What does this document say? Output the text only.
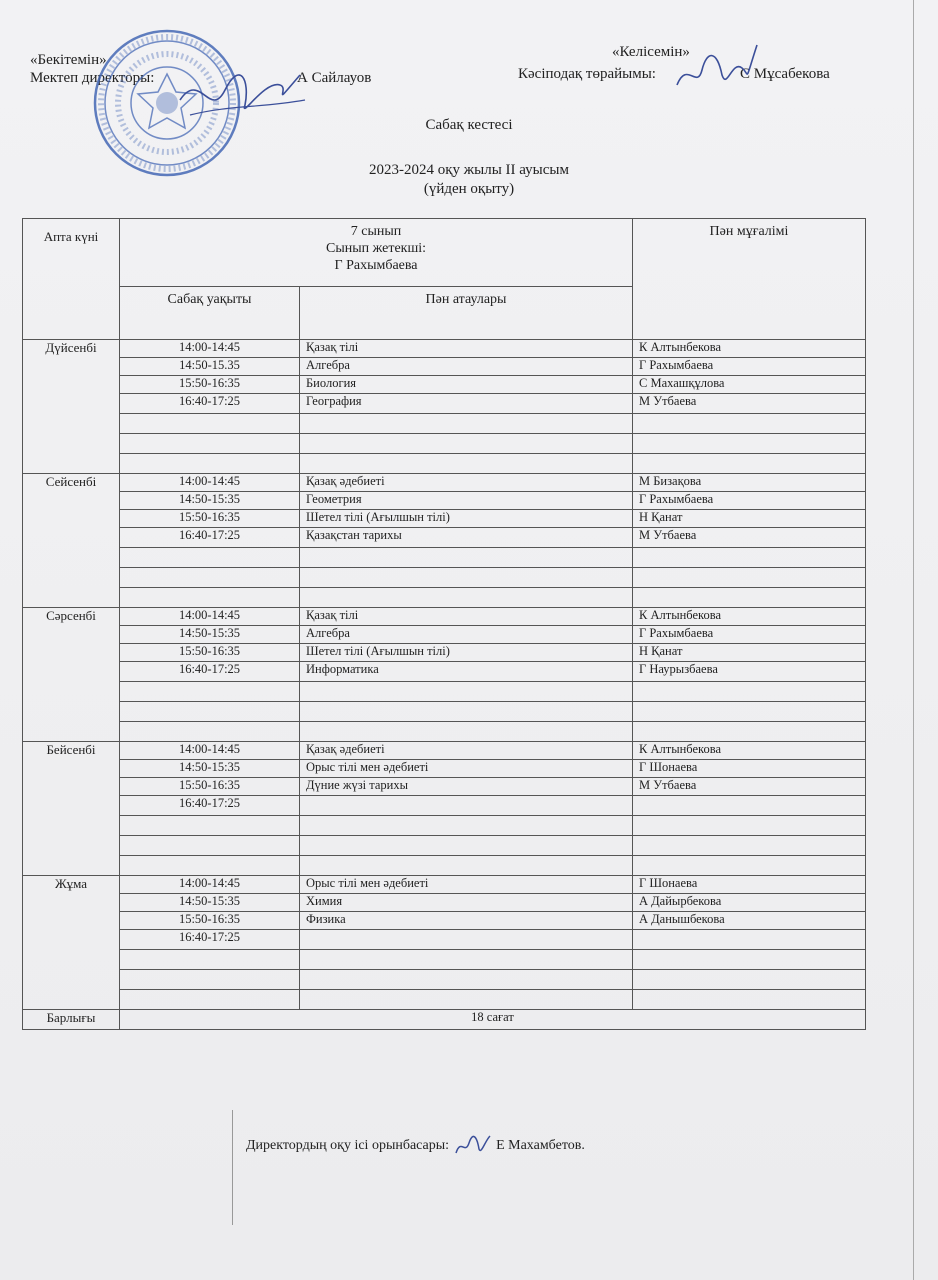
«Бекітемін»
Мектеп директоры:	А Сайлауов
«Келісемін»
Кәсіподақ төрайымы:	С Мұсабекова
Сабақ кестесі
2023-2024 оқу жылы ІІ ауысым
(үйден оқыту)
Апта күні	7 сынып
Сынып жетекші:
Г Рахымбаева		Пән мұғалімі
	Сабақ уақыты	Пән атаулары	
Дүйсенбі	14:00-14:45	Қазақ тілі	К Алтынбекова
	14:50-15.35	Алгебра	Г Рахымбаева
	15:50-16:35	Биология	С Махашқұлова
	16:40-17:25	География	М Утбаева

Сейсенбі	14:00-14:45	Қазақ әдебиеті	М Бизақова
	14:50-15:35	Геометрия	Г Рахымбаева
	15:50-16:35	Шетел тілі (Ағылшын тілі)	Н Қанат
	16:40-17:25	Қазақстан тарихы	М Утбаева

Сәрсенбі	14:00-14:45	Қазақ тілі	К Алтынбекова
	14:50-15:35	Алгебра	Г Рахымбаева
	15:50-16:35	Шетел тілі (Ағылшын тілі)	Н Қанат
	16:40-17:25	Информатика	Г Наурызбаева

Бейсенбі	14:00-14:45	Қазақ әдебиеті	К Алтынбекова
	14:50-15:35	Орыс тілі мен әдебиеті	Г Шонаева
	15:50-16:35	Дүние жүзі тарихы	М Утбаева
	16:40-17:25		

Жұма	14:00-14:45	Орыс тілі мен әдебиеті	Г Шонаева
	14:50-15:35	Химия	А Дайырбекова
	15:50-16:35	Физика	А Данышбекова
	16:40-17:25		

Барлығы	18 сағат		
Директордың оқу ісі орынбасары:	Е Махамбетов.
